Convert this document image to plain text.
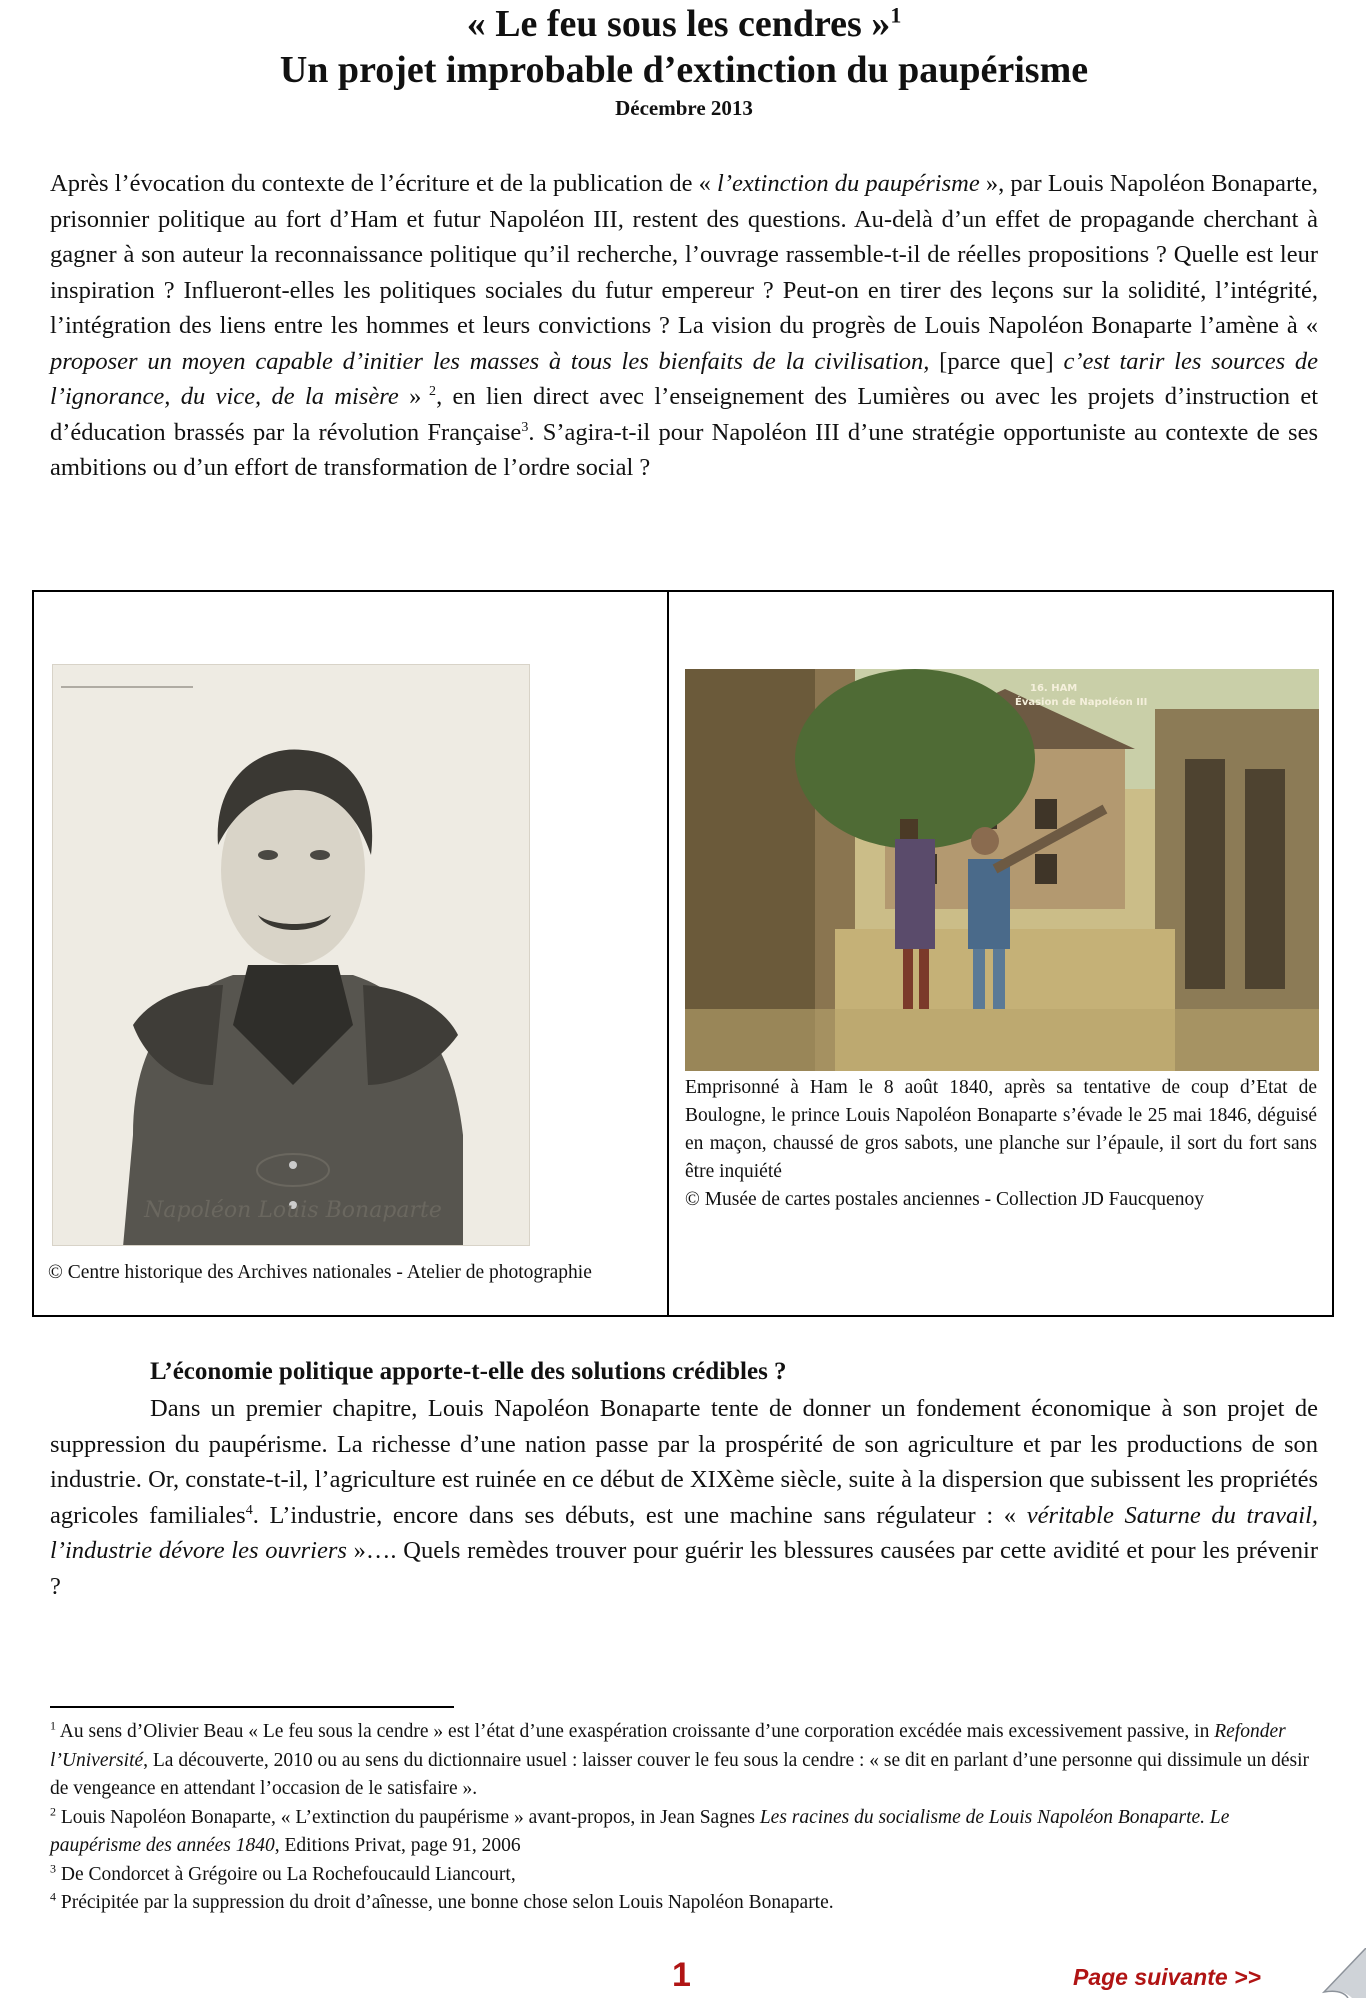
« Le feu sous les cendres »$^1$
Un projet improbable d’extinction du paupérisme
Décembre 2013
Après l’évocation du contexte de l’écriture et de la publication de « l’extinction du paupérisme », par Louis Napoléon Bonaparte, prisonnier politique au fort d’Ham et futur Napoléon III, restent des questions. Au-delà d’un effet de propagande cherchant à gagner à son auteur la reconnaissance politique qu’il recherche, l’ouvrage rassemble-t-il de réelles propositions ? Quelle est leur inspiration ? Influeront-elles les politiques sociales du futur empereur ? Peut-on en tirer des leçons sur la solidité, l’intégrité, l’intégration des liens entre les hommes et leurs convictions ? La vision du progrès de Louis Napoléon Bonaparte l’amène à « proposer un moyen capable d’initier les masses à tous les bienfaits de la civilisation, [parce que] c’est tarir les sources de l’ignorance, du vice, de la misère » $^2$, en lien direct avec l’enseignement des Lumières ou avec les projets d’instruction et d’éducation brassés par la révolution Française$^3$. S’agira-t-il pour Napoléon III d’une stratégie opportuniste au contexte de ses ambitions ou d’un effort de transformation de l’ordre social ?
Napoléon Louis Bonaparte
16. HAM
Évasion de Napoléon III
© Centre historique des Archives nationales - Atelier de photographie
Emprisonné à Ham le 8 août 1840, après sa tentative de coup d’Etat de Boulogne, le prince Louis Napoléon Bonaparte s’évade le 25 mai 1846, déguisé en maçon, chaussé de gros sabots, une planche sur l’épaule, il sort du fort sans être inquiété
© Musée de cartes postales anciennes - Collection JD Faucquenoy
L’économie politique apporte-t-elle des solutions crédibles ?
Dans un premier chapitre, Louis Napoléon Bonaparte tente de donner un fondement économique à son projet de suppression du paupérisme. La richesse d’une nation passe par la prospérité de son agriculture et par les productions de son industrie. Or, constate-t-il, l’agriculture est ruinée en ce début de XIXème siècle, suite à la dispersion que subissent les propriétés agricoles familiales$^4$. L’industrie, encore dans ses débuts, est une machine sans régulateur : « véritable Saturne du travail, l’industrie dévore les ouvriers »…. Quels remèdes trouver pour guérir les blessures causées par cette avidité et pour les prévenir ?

$^1$ Au sens d’Olivier Beau « Le feu sous la cendre » est l’état d’une exaspération croissante d’une corporation excédée mais excessivement passive, in Refonder l’Université, La découverte, 2010 ou au sens du dictionnaire usuel : laisser couver le feu sous la cendre : « se dit en parlant d’une personne qui dissimule un désir de vengeance en attendant l’occasion de le satisfaire ».

$^2$ Louis Napoléon Bonaparte, « L’extinction du paupérisme » avant-propos, in Jean Sagnes Les racines du socialisme de Louis Napoléon Bonaparte. Le paupérisme des années 1840, Editions Privat, page 91, 2006

$^3$ De Condorcet à Grégoire ou La Rochefoucauld Liancourt,

$^4$ Précipitée par la suppression du droit d’aînesse, une bonne chose selon Louis Napoléon Bonaparte.

1	Page suivante >>
